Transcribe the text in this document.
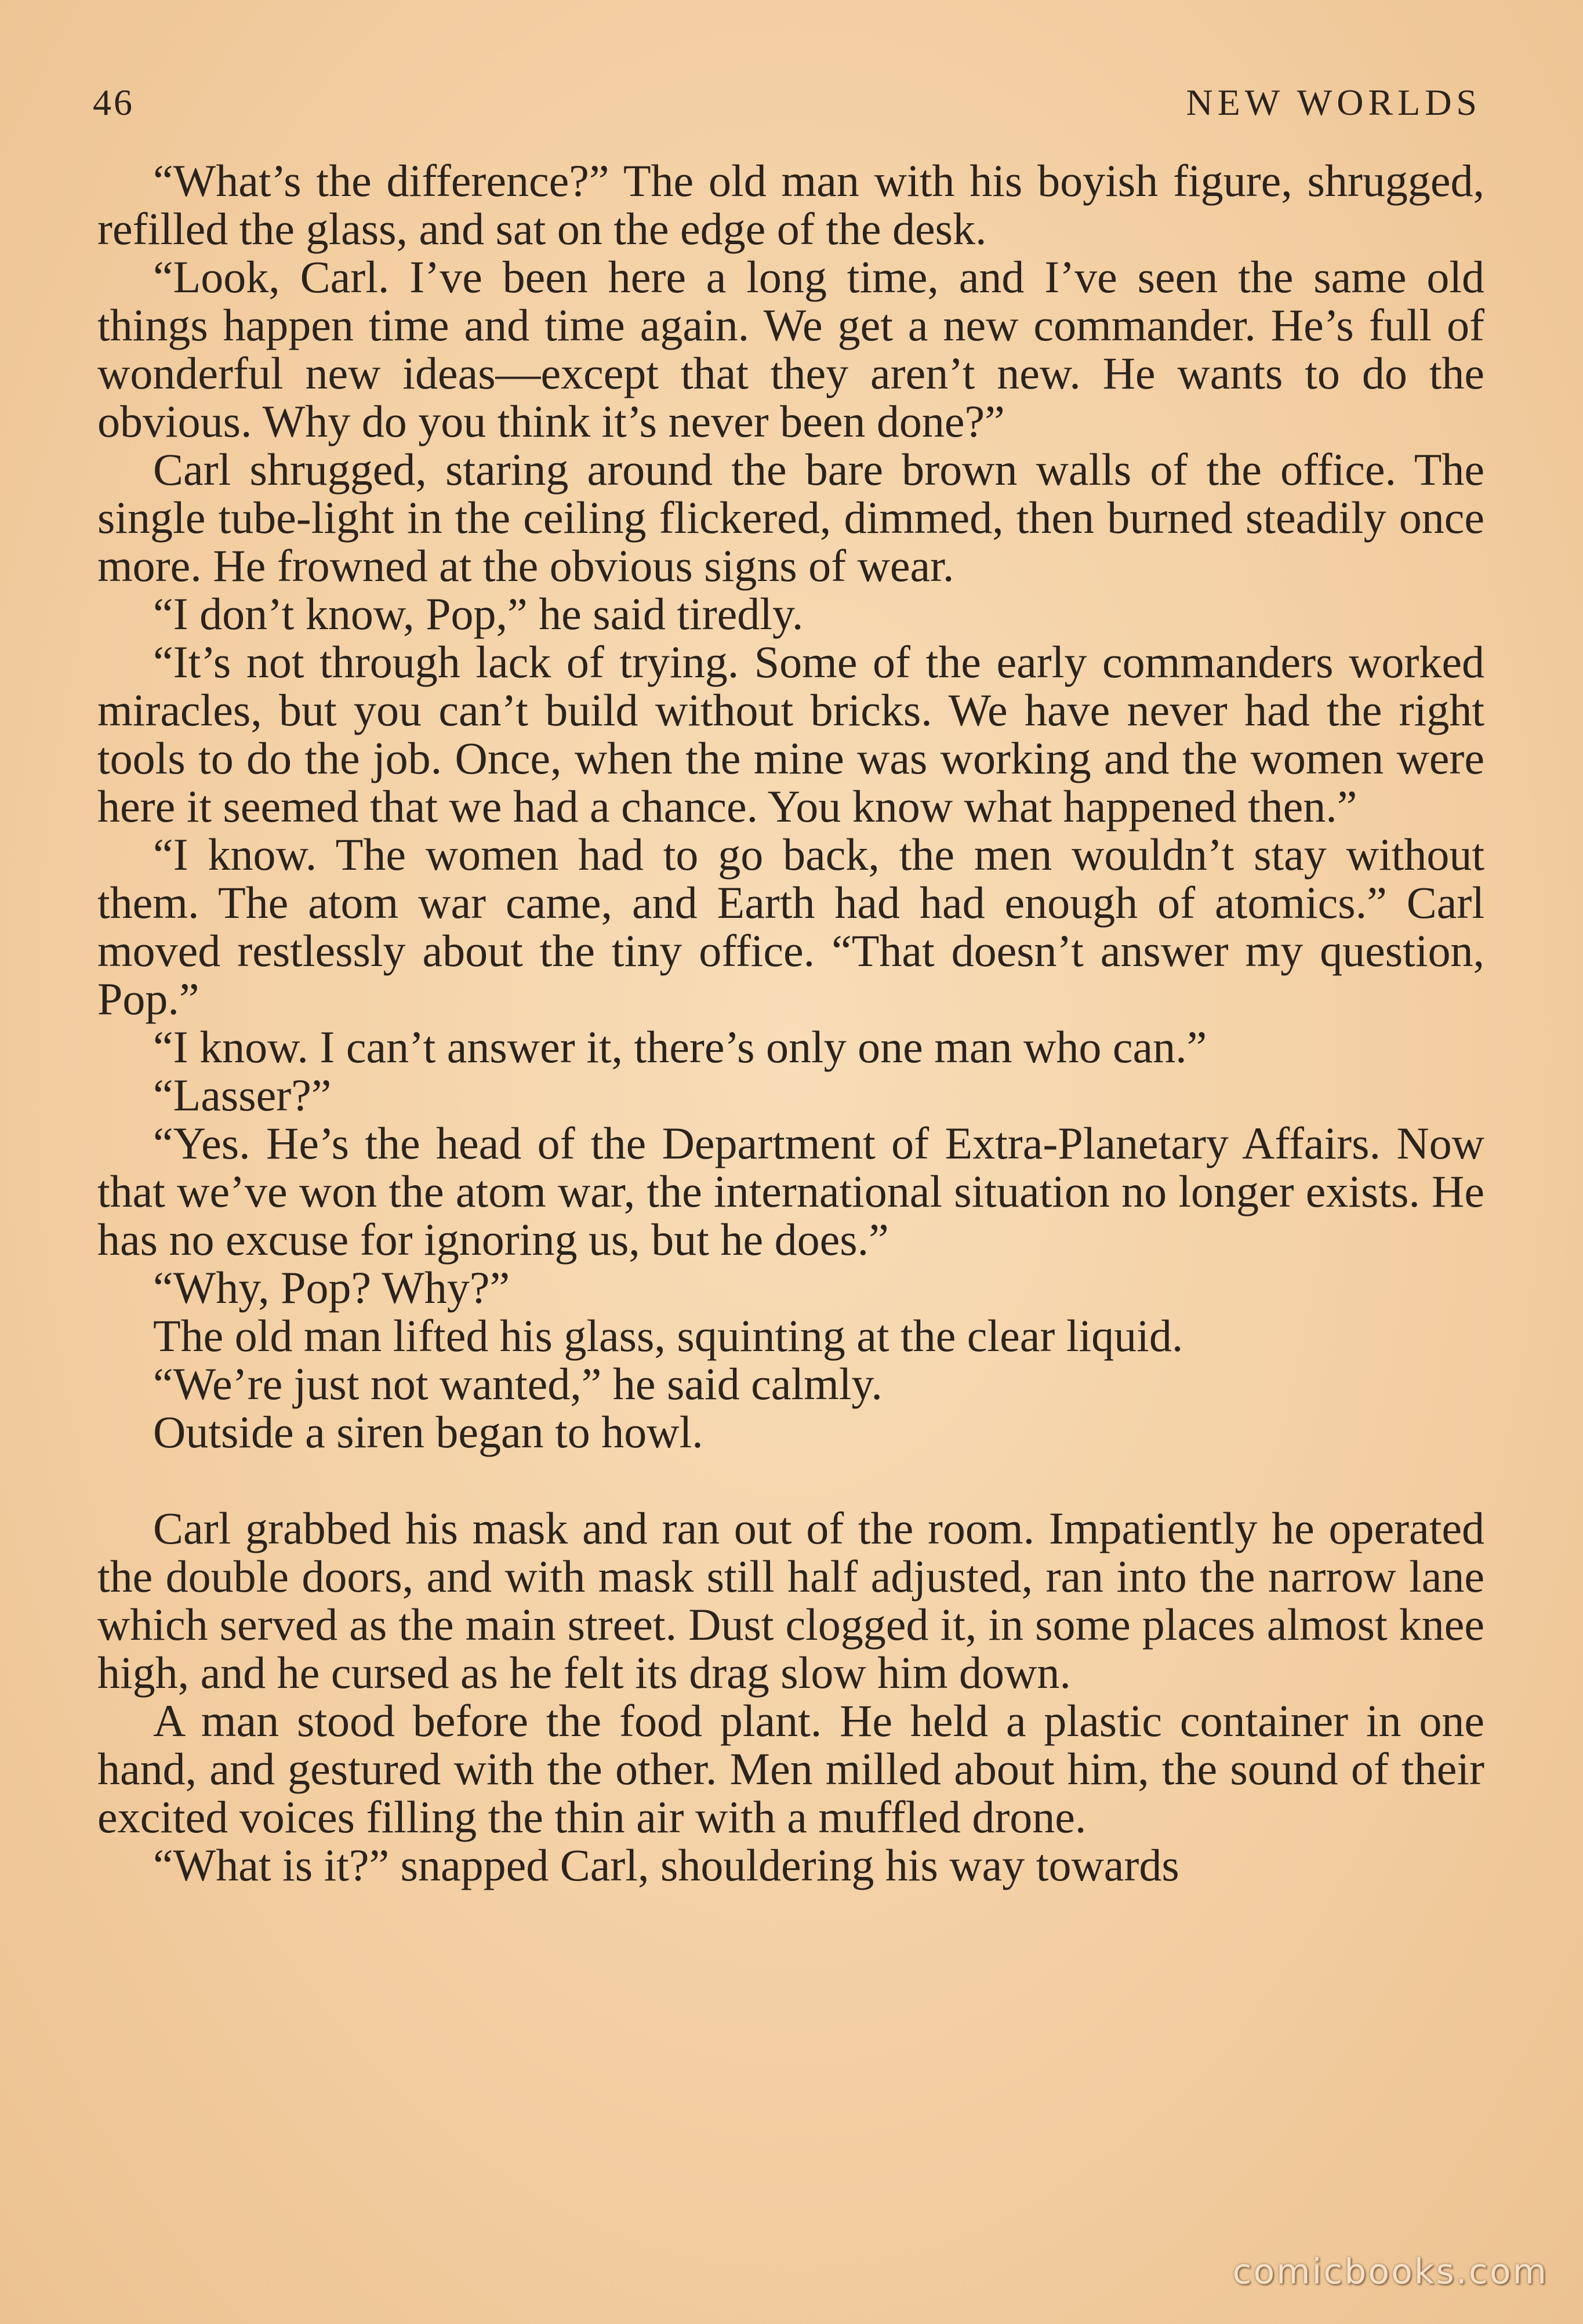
46	NEW WORLDS

“What’s the difference?” The old man with his boyish figure, shrugged, refilled the glass, and sat on the edge of the desk.

“Look, Carl. I’ve been here a long time, and I’ve seen the same old things happen time and time again. We get a new commander. He’s full of wonderful new ideas—except that they aren’t new. He wants to do the obvious. Why do you think it’s never been done?”

Carl shrugged, staring around the bare brown walls of the office. The single tube-light in the ceiling flickered, dimmed, then burned steadily once more. He frowned at the obvious signs of wear.

“I don’t know, Pop,” he said tiredly.

“It’s not through lack of trying. Some of the early commanders worked miracles, but you can’t build without bricks. We have never had the right tools to do the job. Once, when the mine was working and the women were here it seemed that we had a chance. You know what happened then.”

“I know. The women had to go back, the men wouldn’t stay without them. The atom war came, and Earth had had enough of atomics.” Carl moved restlessly about the tiny office. “That doesn’t answer my question, Pop.”

“I know. I can’t answer it, there’s only one man who can.”

“Lasser?”

“Yes. He’s the head of the Department of Extra-Planetary Affairs. Now that we’ve won the atom war, the international situation no longer exists. He has no excuse for ignoring us, but he does.”

“Why, Pop? Why?”

The old man lifted his glass, squinting at the clear liquid.

“We’re just not wanted,” he said calmly.

Outside a siren began to howl.

Carl grabbed his mask and ran out of the room. Impatiently he operated the double doors, and with mask still half adjusted, ran into the narrow lane which served as the main street. Dust clogged it, in some places almost knee high, and he cursed as he felt its drag slow him down.

A man stood before the food plant. He held a plastic container in one hand, and gestured with the other. Men milled about him, the sound of their excited voices filling the thin air with a muffled drone.

“What is it?” snapped Carl, shouldering his way towards

comicbooks.com
